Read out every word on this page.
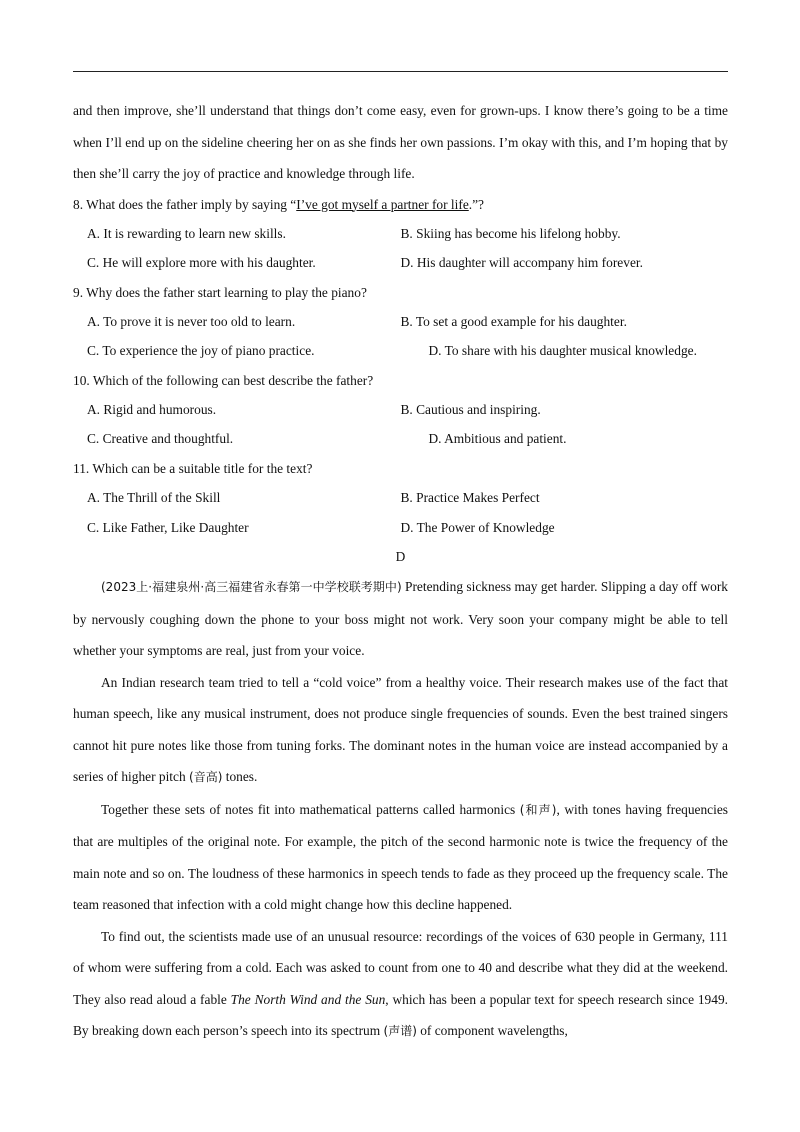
and then improve, she’ll understand that things don’t come easy, even for grown-ups. I know there’s going to be a time when I’ll end up on the sideline cheering her on as she finds her own passions. I’m okay with this, and I’m hoping that by then she’ll carry the joy of practice and knowledge through life.

8. What does the father imply by saying “I’ve got myself a partner for life.”?

A. It is rewarding to learn new skills.	B. Skiing has become his lifelong hobby.
C. He will explore more with his daughter.	D. His daughter will accompany him forever.

9. Why does the father start learning to play the piano?

A. To prove it is never too old to learn.	B. To set a good example for his daughter.
C. To experience the joy of piano practice.	D. To share with his daughter musical knowledge.

10. Which of the following can best describe the father?

A. Rigid and humorous.	B. Cautious and inspiring.
C. Creative and thoughtful.	D. Ambitious and patient.

11. Which can be a suitable title for the text?

A. The Thrill of the Skill	B. Practice Makes Perfect
C. Like Father, Like Daughter	D. The Power of Knowledge

D

(2023上·福建泉州·高三福建省永春第一中学校联考期中) Pretending sickness may get harder. Slipping a day off work by nervously coughing down the phone to your boss might not work. Very soon your company might be able to tell whether your symptoms are real, just from your voice.

An Indian research team tried to tell a “cold voice” from a healthy voice. Their research makes use of the fact that human speech, like any musical instrument, does not produce single frequencies of sounds. Even the best trained singers cannot hit pure notes like those from tuning forks. The dominant notes in the human voice are instead accompanied by a series of higher pitch (音高) tones.

Together these sets of notes fit into mathematical patterns called harmonics (和声), with tones having frequencies that are multiples of the original note. For example, the pitch of the second harmonic note is twice the frequency of the main note and so on. The loudness of these harmonics in speech tends to fade as they proceed up the frequency scale. The team reasoned that infection with a cold might change how this decline happened.

To find out, the scientists made use of an unusual resource: recordings of the voices of 630 people in Germany, 111 of whom were suffering from a cold. Each was asked to count from one to 40 and describe what they did at the weekend. They also read aloud a fable The North Wind and the Sun, which has been a popular text for speech research since 1949. By breaking down each person’s speech into its spectrum (声谱) of component wavelengths,
